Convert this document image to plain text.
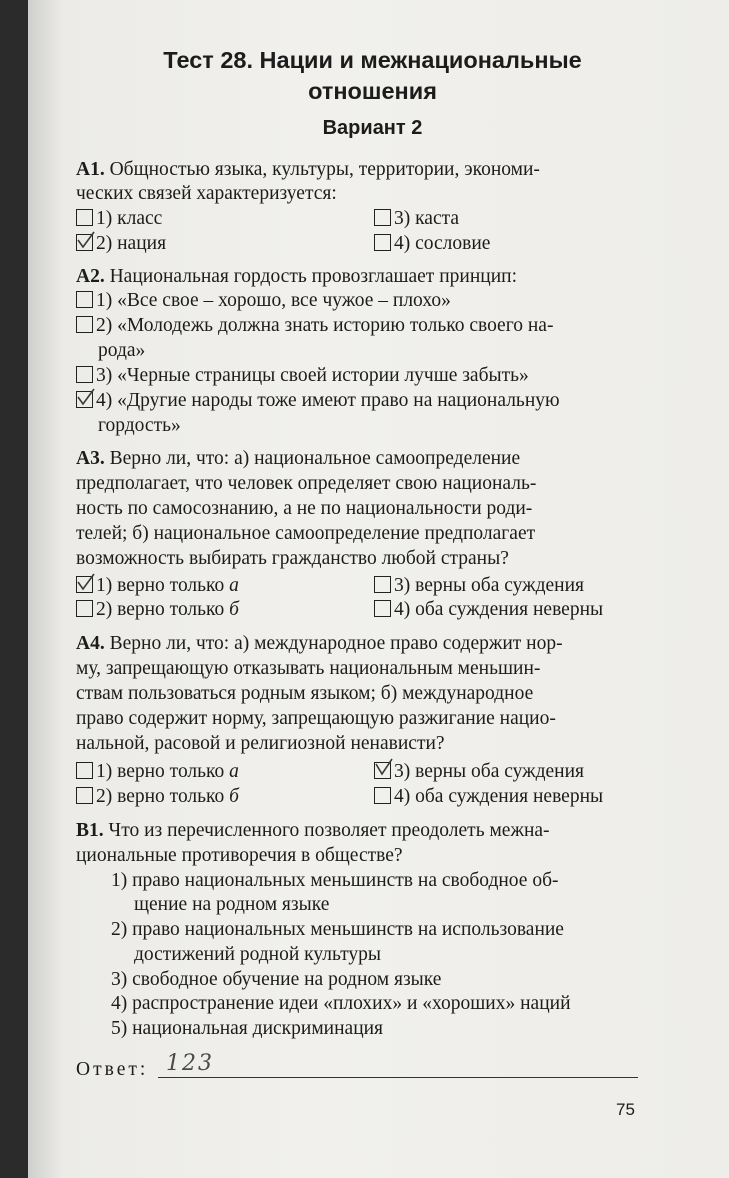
Тест 28. Нации и межнациональные
отношения
Вариант 2
А1. Общностью языка, культуры, территории, экономи-
ческих связей характеризуется:
1) класс
2) нация
3) каста
4) сословие
А2. Национальная гордость провозглашает принцип:
1) «Все свое – хорошо, все чужое – плохо»
2) «Молодежь должна знать историю только своего на-
рода»
3) «Черные страницы своей истории лучше забыть»
4) «Другие народы тоже имеют право на национальную
гордость»
А3. Верно ли, что: а) национальное самоопределение
предполагает, что человек определяет свою националь-
ность по самосознанию, а не по национальности роди-
телей; б) национальное самоопределение предполагает
возможность выбирать гражданство любой страны?
1) верно только а
2) верно только б
3) верны оба суждения
4) оба суждения неверны
А4. Верно ли, что: а) международное право содержит нор-
му, запрещающую отказывать национальным меньшин-
ствам пользоваться родным языком; б) международное
право содержит норму, запрещающую разжигание нацио-
нальной, расовой и религиозной ненависти?
1) верно только а
2) верно только б
3) верны оба суждения
4) оба суждения неверны
В1. Что из перечисленного позволяет преодолеть межна-
циональные противоречия в обществе?
1) право национальных меньшинств на свободное об-
щение на родном языке
2) право национальных меньшинств на использование
достижений родной культуры
3) свободное обучение на родном языке
4) распространение идеи «плохих» и «хороших» наций
5) национальная дискриминация
Ответ: 123
75
